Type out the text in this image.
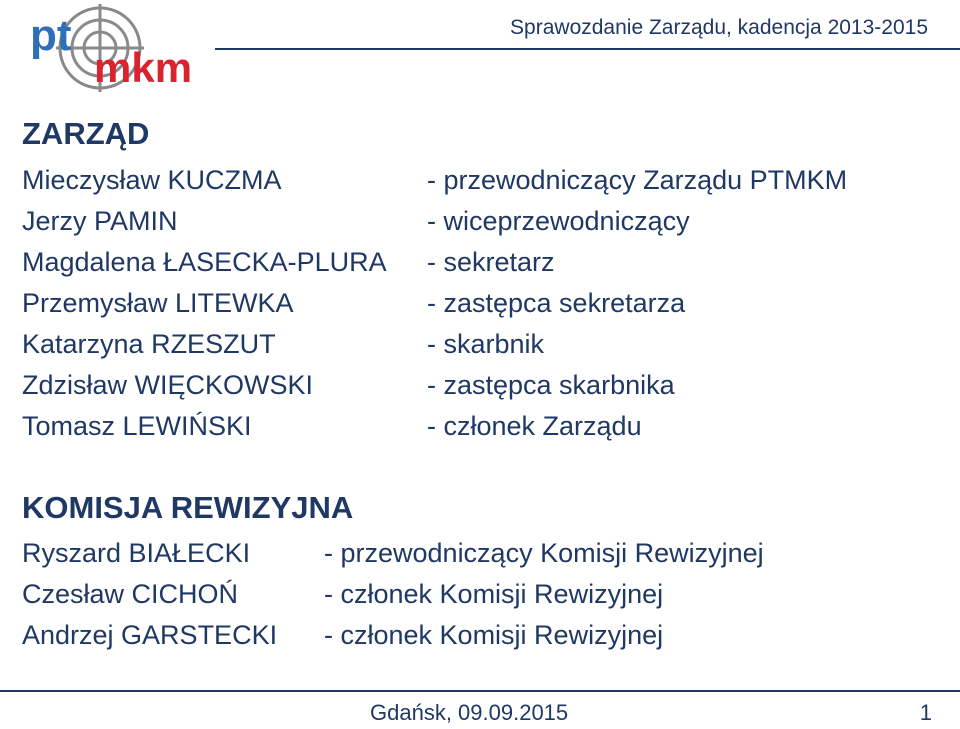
pt
mkm
Sprawozdanie Zarządu, kadencja 2013-2015
ZARZĄD
Mieczysław KUCZMA	- przewodniczący Zarządu PTMKM
Jerzy PAMIN	- wiceprzewodniczący
Magdalena ŁASECKA-PLURA - sekretarz
Przemysław LITEWKA	- zastępca sekretarza
Katarzyna RZESZUT	- skarbnik
Zdzisław WIĘCKOWSKI	- zastępca skarbnika
Tomasz LEWIŃSKI	- członek Zarządu
KOMISJA REWIZYJNA
Ryszard BIAŁECKI	- przewodniczący Komisji Rewizyjnej
Czesław CICHOŃ	- członek Komisji Rewizyjnej
Andrzej GARSTECKI - członek Komisji Rewizyjnej
Gdańsk, 09.09.2015	1
